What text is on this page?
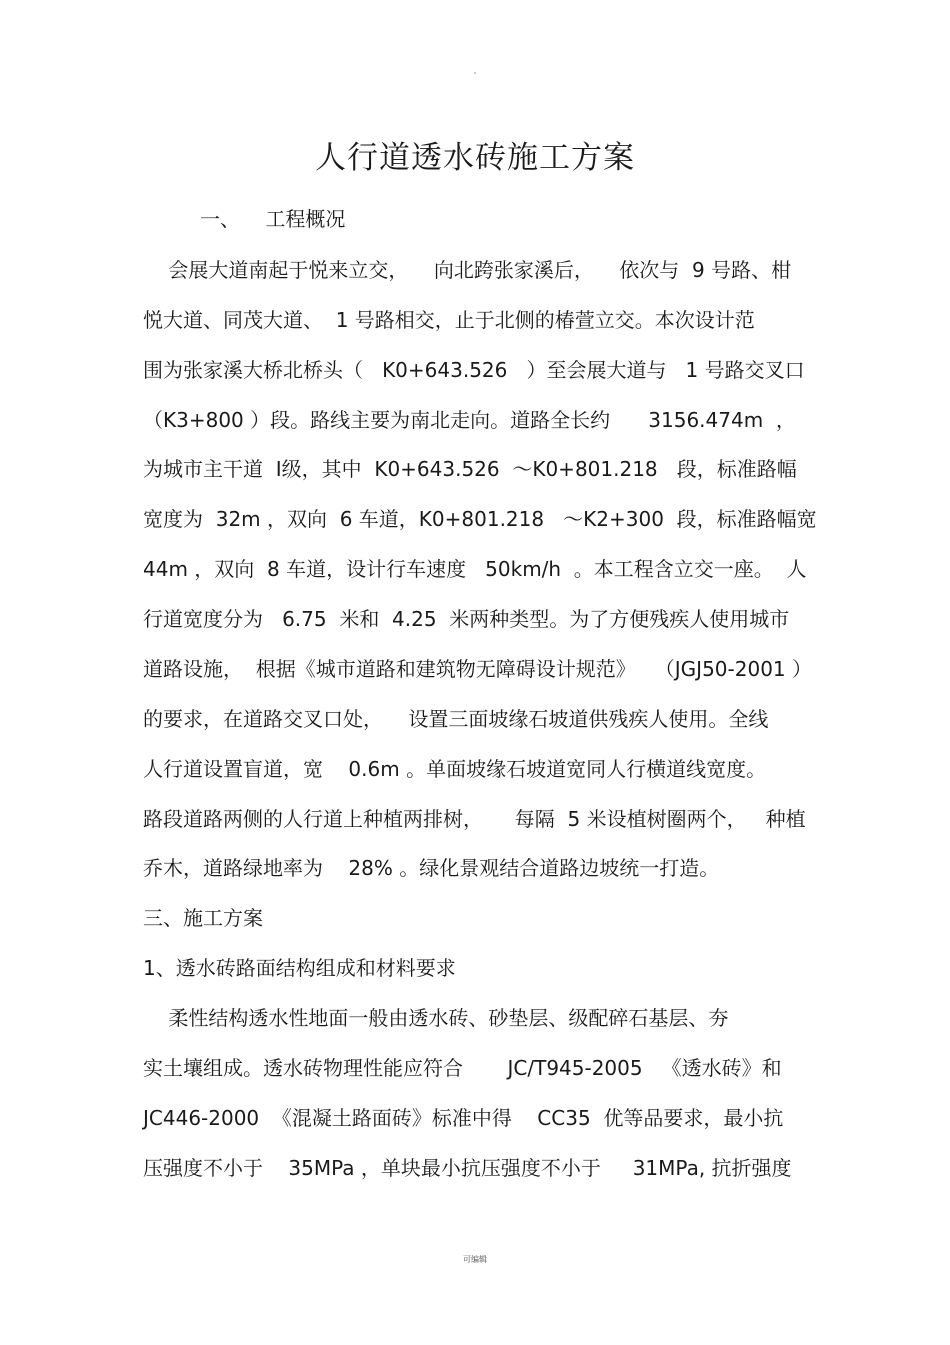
人行道透水砖施工方案
一、    工程概况
会展大道南起于悦来立交，    向北跨张家溪后，    依次与  9 号路、柑
悦大道、同茂大道、  1 号路相交，止于北侧的椿萱立交。本次设计范
围为张家溪大桥北桥头（   K0+643.526   ）至会展大道与   1 号路交叉口
（K3+800 ）段。路线主要为南北走向。道路全长约      3156.474m  ，
为城市主干道  Ⅰ级，其中  K0+643.526  ～K0+801.218   段，标准路幅
宽度为  32m ，双向  6 车道，K0+801.218   ～K2+300  段，标准路幅宽
44m ，双向  8 车道，设计行车速度   50km/h  。本工程含立交一座。  人
行道宽度分为   6.75  米和  4.25  米两种类型。为了方便残疾人使用城市
道路设施，  根据《城市道路和建筑物无障碍设计规范》   （JGJ50-2001 ）
的要求，在道路交叉口处，    设置三面坡缘石坡道供残疾人使用。全线
人行道设置盲道，宽    0.6m 。单面坡缘石坡道宽同人行横道线宽度。
路段道路两侧的人行道上种植两排树，     每隔  5 米设植树圈两个，   种植
乔木，道路绿地率为    28% 。绿化景观结合道路边坡统一打造。
三、施工方案
1、透水砖路面结构组成和材料要求
柔性结构透水性地面一般由透水砖、砂垫层、级配碎石基层、夯
实土壤组成。透水砖物理性能应符合       JC/T945-2005   《透水砖》和
JC446-2000  《混凝土路面砖》标准中得    CC35  优等品要求，最小抗
压强度不小于    35MPa ，单块最小抗压强度不小于     31MPa, 抗折强度
可编辑
